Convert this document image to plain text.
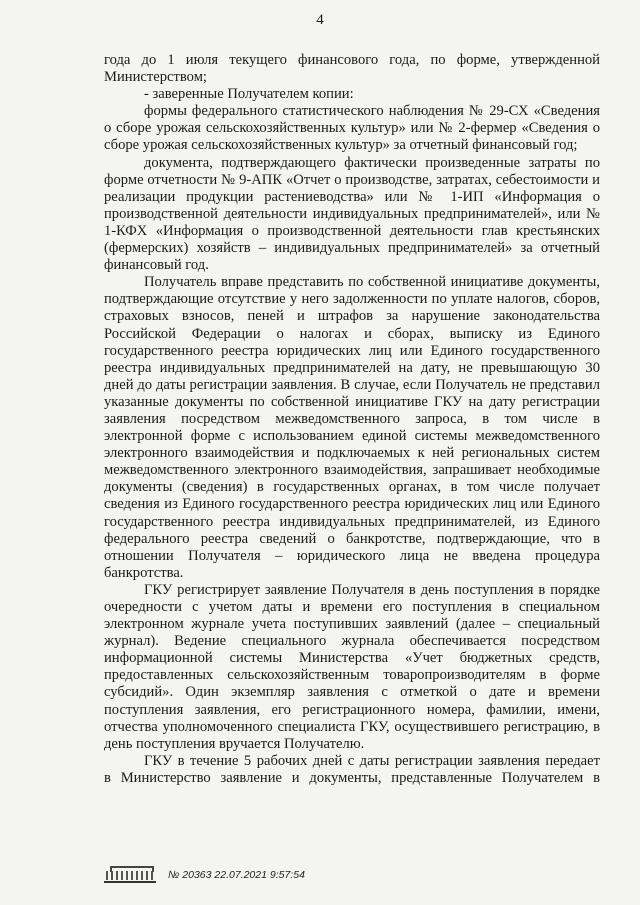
4

года до 1 июля текущего финансового года, по форме, утвержденной

Министерством;

- заверенные Получателем копии:

формы федерального статистического наблюдения № 29-СХ «Сведения о сборе урожая сельскохозяйственных культур» или № 2-фермер «Сведения о сборе урожая сельскохозяйственных культур» за отчетный финансовый год;

документа, подтверждающего фактически произведенные затраты по форме отчетности № 9-АПК «Отчет о производстве, затратах, себестоимости и реализации продукции растениеводства» или № 1-ИП «Информация о производственной деятельности индивидуальных предпринимателей», или № 1-КФХ «Информация о производственной деятельности глав крестьянских (фермерских) хозяйств – индивидуальных предпринимателей» за отчетный финансовый год.

Получатель вправе представить по собственной инициативе документы, подтверждающие отсутствие у него задолженности по уплате налогов, сборов, страховых взносов, пеней и штрафов за нарушение законодательства Российской Федерации о налогах и сборах, выписку из Единого государственного реестра юридических лиц или Единого государственного реестра индивидуальных предпринимателей на дату, не превышающую 30 дней до даты регистрации заявления. В случае, если Получатель не представил указанные документы по собственной инициативе ГКУ на дату регистрации заявления посредством межведомственного запроса, в том числе в электронной форме с использованием единой системы межведомственного электронного взаимодействия и подключаемых к ней региональных систем межведомственного электронного взаимодействия, запрашивает необходимые документы (сведения) в государственных органах, в том числе получает сведения из Единого государственного реестра юридических лиц или Единого государственного реестра индивидуальных предпринимателей, из Единого федерального реестра сведений о банкротстве, подтверждающие, что в отношении Получателя – юридического лица не введена процедура банкротства.

ГКУ регистрирует заявление Получателя в день поступления в порядке очередности с учетом даты и времени его поступления в специальном электронном журнале учета поступивших заявлений (далее – специальный журнал). Ведение специального журнала обеспечивается посредством информационной системы Министерства «Учет бюджетных средств, предоставленных сельскохозяйственным товаропроизводителям в форме субсидий». Один экземпляр заявления с отметкой о дате и времени поступления заявления, его регистрационного номера, фамилии, имени, отчества уполномоченного специалиста ГКУ, осуществившего регистрацию, в день поступления вручается Получателю.

ГКУ в течение 5 рабочих дней с даты регистрации заявления передает

в Министерство заявление и документы, представленные Получателем в

№ 20363 22.07.2021 9:57:54
